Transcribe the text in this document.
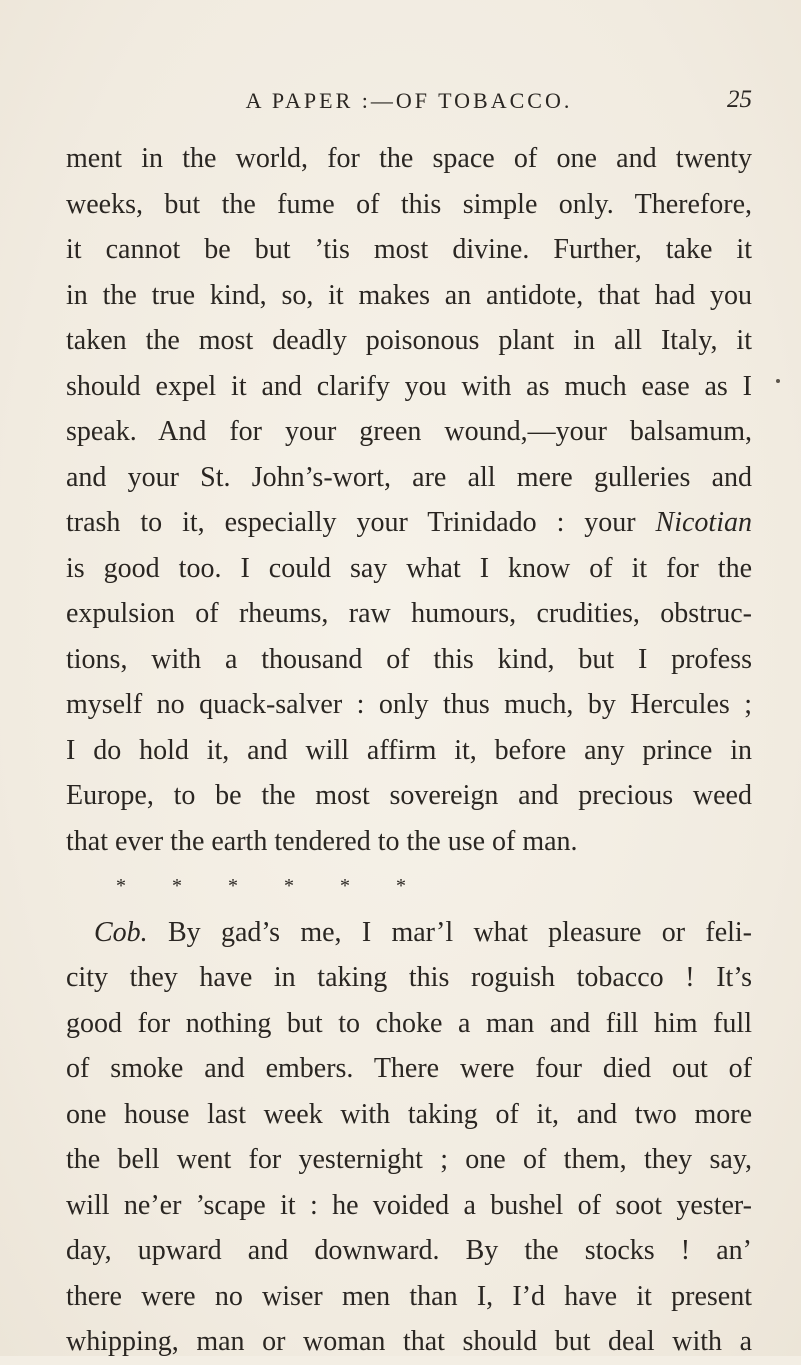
A PAPER :—OF TOBACCO.	25
ment in the world, for the space of one and twenty
weeks, but the fume of this simple only. Therefore,
it cannot be but ’tis most divine. Further, take it
in the true kind, so, it makes an antidote, that had you
taken the most deadly poisonous plant in all Italy, it
should expel it and clarify you with as much ease as I
speak. And for your green wound,—your balsamum,
and your St. John’s-wort, are all mere gulleries and
trash to it, especially your Trinidado : your Nicotian
is good too. I could say what I know of it for the
expulsion of rheums, raw humours, crudities, obstruc-
tions, with a thousand of this kind, but I profess
myself no quack-salver : only thus much, by Hercules ;
I do hold it, and will affirm it, before any prince in
Europe, to be the most sovereign and precious weed
that ever the earth tendered to the use of man.
* * * * * *
Cob. By gad’s me, I mar’l what pleasure or feli-
city they have in taking this roguish tobacco ! It’s
good for nothing but to choke a man and fill him full
of smoke and embers. There were four died out of
one house last week with taking of it, and two more
the bell went for yesternight ; one of them, they say,
will ne’er ’scape it : he voided a bushel of soot yester-
day, upward and downward. By the stocks ! an’
there were no wiser men than I, I’d have it present
whipping, man or woman that should but deal with a
